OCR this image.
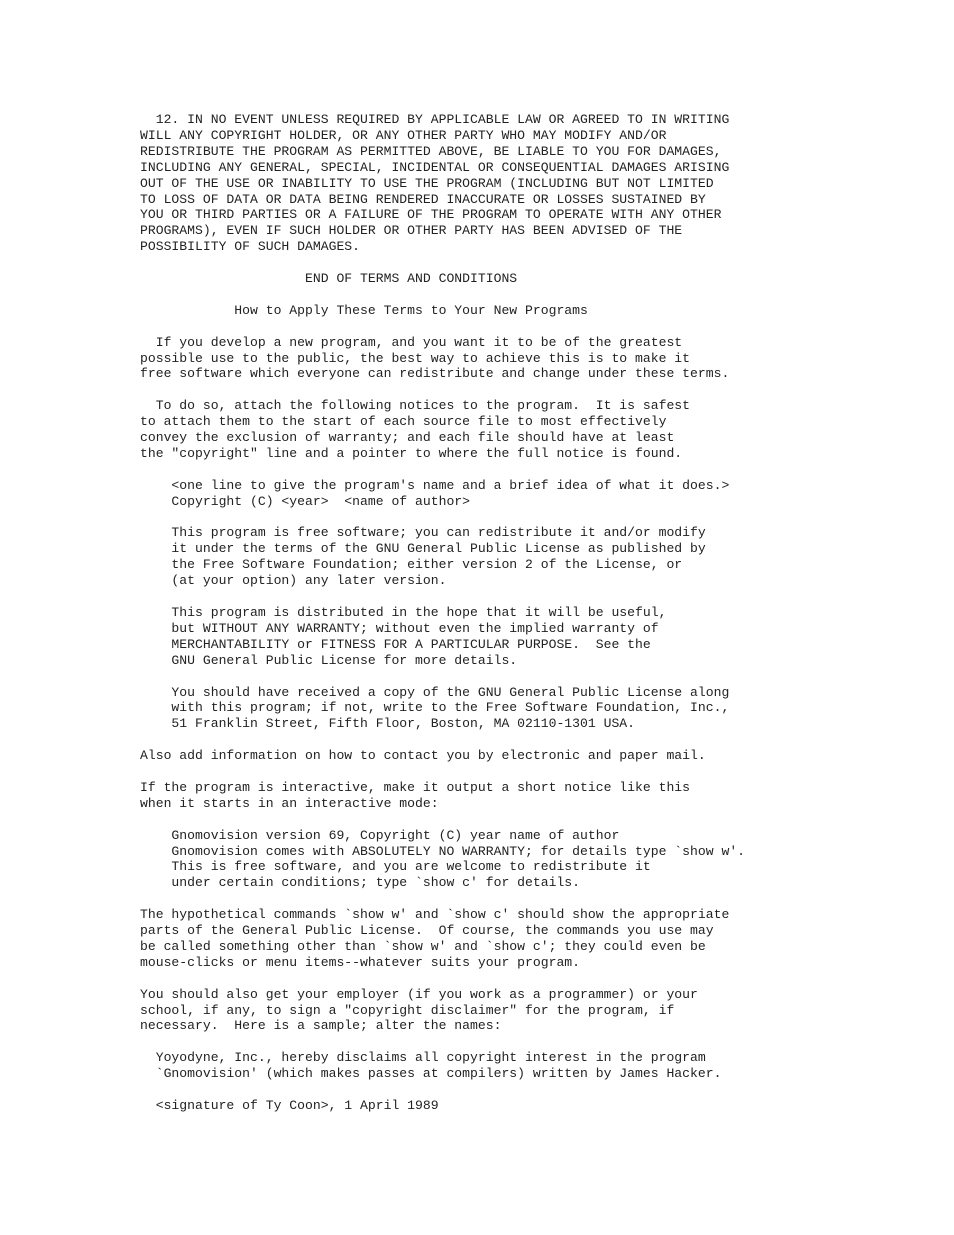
12. IN NO EVENT UNLESS REQUIRED BY APPLICABLE LAW OR AGREED TO IN WRITING
WILL ANY COPYRIGHT HOLDER, OR ANY OTHER PARTY WHO MAY MODIFY AND/OR
REDISTRIBUTE THE PROGRAM AS PERMITTED ABOVE, BE LIABLE TO YOU FOR DAMAGES,
INCLUDING ANY GENERAL, SPECIAL, INCIDENTAL OR CONSEQUENTIAL DAMAGES ARISING
OUT OF THE USE OR INABILITY TO USE THE PROGRAM (INCLUDING BUT NOT LIMITED
TO LOSS OF DATA OR DATA BEING RENDERED INACCURATE OR LOSSES SUSTAINED BY
YOU OR THIRD PARTIES OR A FAILURE OF THE PROGRAM TO OPERATE WITH ANY OTHER
PROGRAMS), EVEN IF SUCH HOLDER OR OTHER PARTY HAS BEEN ADVISED OF THE
POSSIBILITY OF SUCH DAMAGES.

END OF TERMS AND CONDITIONS

How to Apply These Terms to Your New Programs

If you develop a new program, and you want it to be of the greatest
possible use to the public, the best way to achieve this is to make it
free software which everyone can redistribute and change under these terms.

To do so, attach the following notices to the program.  It is safest
to attach them to the start of each source file to most effectively
convey the exclusion of warranty; and each file should have at least
the "copyright" line and a pointer to where the full notice is found.

<one line to give the program's name and a brief idea of what it does.>
Copyright (C) <year>  <name of author>

This program is free software; you can redistribute it and/or modify
it under the terms of the GNU General Public License as published by
the Free Software Foundation; either version 2 of the License, or
(at your option) any later version.

This program is distributed in the hope that it will be useful,
but WITHOUT ANY WARRANTY; without even the implied warranty of
MERCHANTABILITY or FITNESS FOR A PARTICULAR PURPOSE.  See the
GNU General Public License for more details.

You should have received a copy of the GNU General Public License along
with this program; if not, write to the Free Software Foundation, Inc.,
51 Franklin Street, Fifth Floor, Boston, MA 02110-1301 USA.

Also add information on how to contact you by electronic and paper mail.

If the program is interactive, make it output a short notice like this
when it starts in an interactive mode:

Gnomovision version 69, Copyright (C) year name of author
Gnomovision comes with ABSOLUTELY NO WARRANTY; for details type `show w'.
This is free software, and you are welcome to redistribute it
under certain conditions; type `show c' for details.

The hypothetical commands `show w' and `show c' should show the appropriate
parts of the General Public License.  Of course, the commands you use may
be called something other than `show w' and `show c'; they could even be
mouse-clicks or menu items--whatever suits your program.

You should also get your employer (if you work as a programmer) or your
school, if any, to sign a "copyright disclaimer" for the program, if
necessary.  Here is a sample; alter the names:

Yoyodyne, Inc., hereby disclaims all copyright interest in the program
`Gnomovision' (which makes passes at compilers) written by James Hacker.

<signature of Ty Coon>, 1 April 1989
